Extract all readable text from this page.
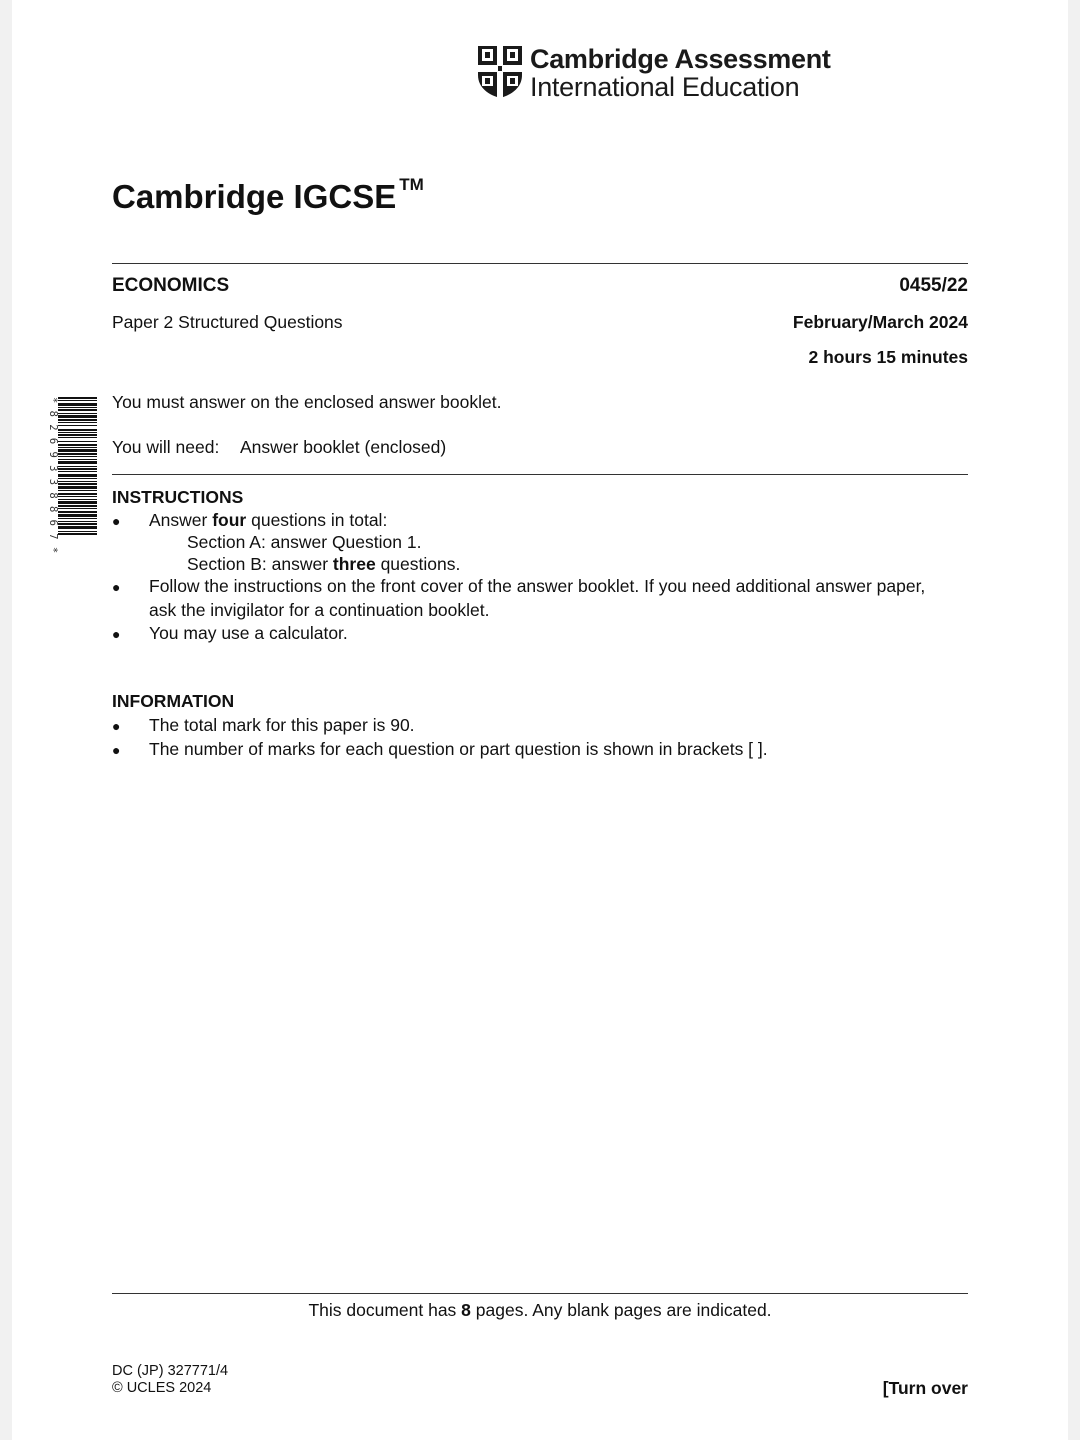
Cambridge Assessment
International Education
Cambridge IGCSE ™
ECONOMICS	0455/22
Paper 2 Structured Questions	February/March 2024
2 hours 15 minutes
*8269338867*	You must answer on the enclosed answer booklet.
You will need: Answer booklet (enclosed)
INSTRUCTIONS
● Answer four questions in total:
Section A: answer Question 1.
Section B: answer three questions.
● Follow the instructions on the front cover of the answer booklet. If you need additional answer paper,
ask the invigilator for a continuation booklet.
● You may use a calculator.
INFORMATION
● The total mark for this paper is 90.
● The number of marks for each question or part question is shown in brackets [ ].
This document has 8 pages. Any blank pages are indicated.
DC (JP) 327771/4
© UCLES 2024	[Turn over
